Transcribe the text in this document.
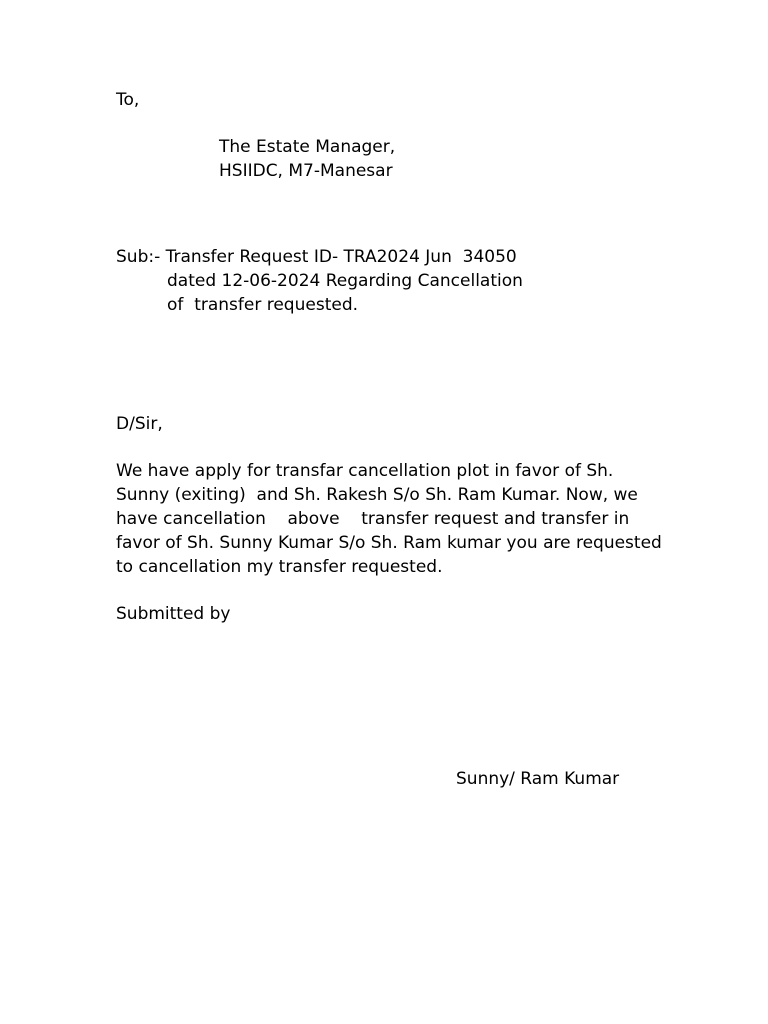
To,
The Estate Manager,
HSIIDC, M7-Manesar
Sub:- Transfer Request ID- TRA2024 Jun  34050
dated 12-06-2024 Regarding Cancellation
of  transfer requested.
D/Sir,
We have apply for transfar cancellation plot in favor of Sh.
Sunny (exiting)  and Sh. Rakesh S/o Sh. Ram Kumar. Now, we
have cancellation    above    transfer request and transfer in
favor of Sh. Sunny Kumar S/o Sh. Ram kumar you are requested
to cancellation my transfer requested.
Submitted by
Sunny/ Ram Kumar
